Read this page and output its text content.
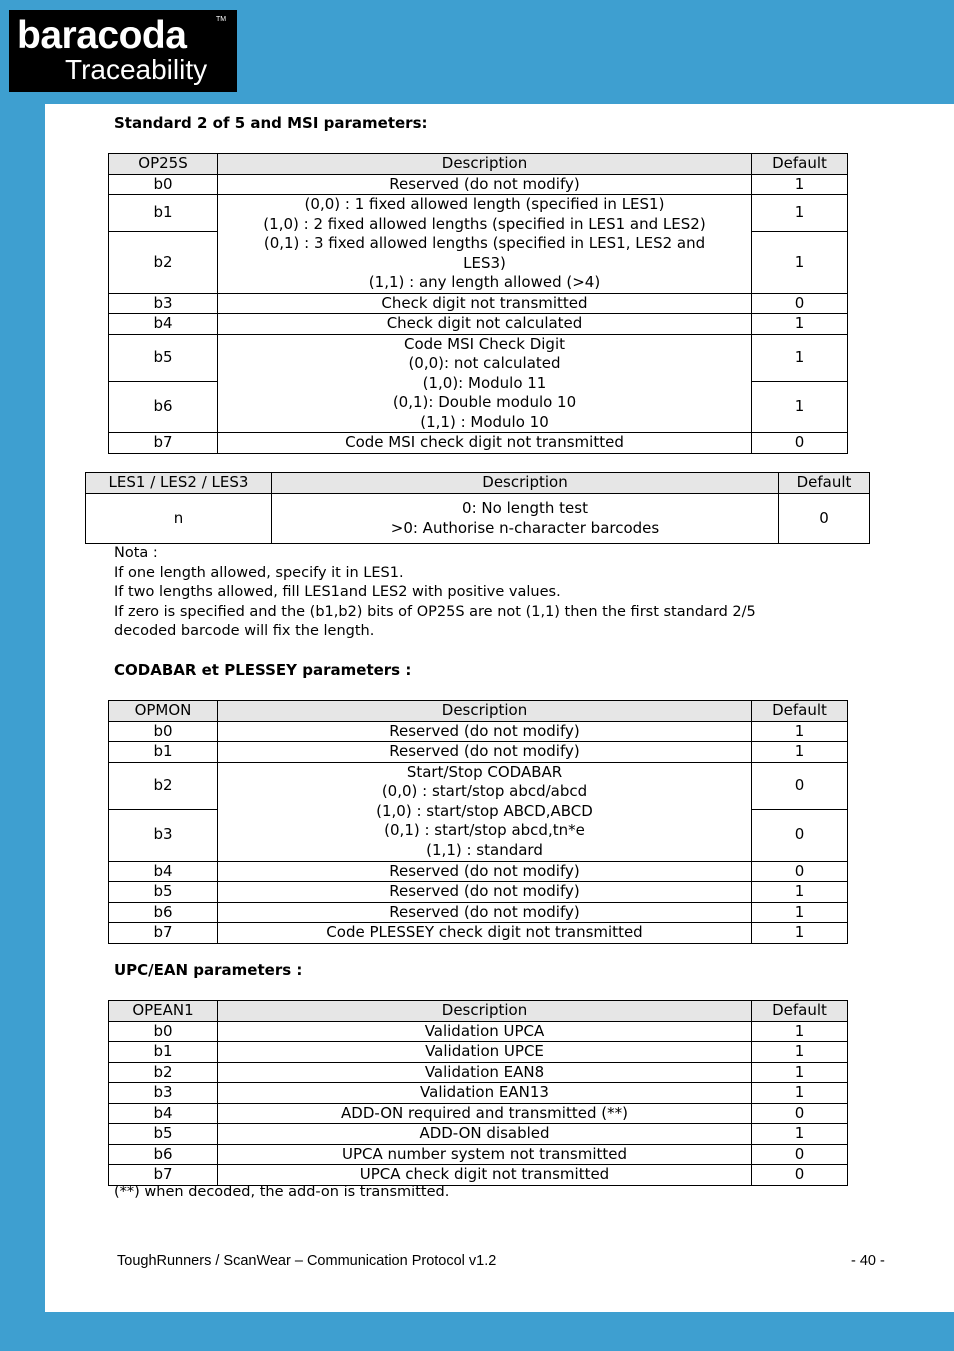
baracoda	TM
Traceability
Standard 2 of 5 and MSI parameters:
OP25S	Description	Default
b0	Reserved (do not modify)	1
b1	(0,0) : 1 fixed allowed length (specified in LES1)
(1,0) : 2 fixed allowed lengths (specified in LES1 and LES2)
(0,1) : 3 fixed allowed lengths (specified in LES1, LES2 and
LES3)
(1,1) : any length allowed (>4)	1
b2		1
b3	Check digit not transmitted	0
b4	Check digit not calculated	1
b5	Code MSI Check Digit
(0,0): not calculated
(1,0): Modulo 11
(0,1): Double modulo 10
(1,1) : Modulo 10	1
b6		1
b7	Code MSI check digit not transmitted	0
LES1 / LES2 / LES3	Description	Default
n	0: No length test
>0: Authorise n-character barcodes	0
Nota :
If one length allowed, specify it in LES1.
If two lengths allowed, fill LES1and LES2 with positive values.
If zero is specified and the (b1,b2) bits of OP25S are not (1,1) then the first standard 2/5
decoded barcode will fix the length.
CODABAR et PLESSEY parameters :
OPMON	Description	Default
b0	Reserved (do not modify)	1
b1	Reserved (do not modify)	1
b2	Start/Stop CODABAR
(0,0) : start/stop abcd/abcd
(1,0) : start/stop ABCD,ABCD
(0,1) : start/stop abcd,tn*e
(1,1) : standard	0
b3		0
b4	Reserved (do not modify)	0
b5	Reserved (do not modify)	1
b6	Reserved (do not modify)	1
b7	Code PLESSEY check digit not transmitted	1
UPC/EAN parameters :
OPEAN1	Description	Default
b0	Validation UPCA	1
b1	Validation UPCE	1
b2	Validation EAN8	1
b3	Validation EAN13	1
b4	ADD-ON required and transmitted (**)	0
b5	ADD-ON disabled	1
b6	UPCA number system not transmitted	0
b7	UPCA check digit not transmitted	0
(**) when decoded, the add-on is transmitted.
ToughRunners / ScanWear – Communication Protocol v1.2	- 40 -
